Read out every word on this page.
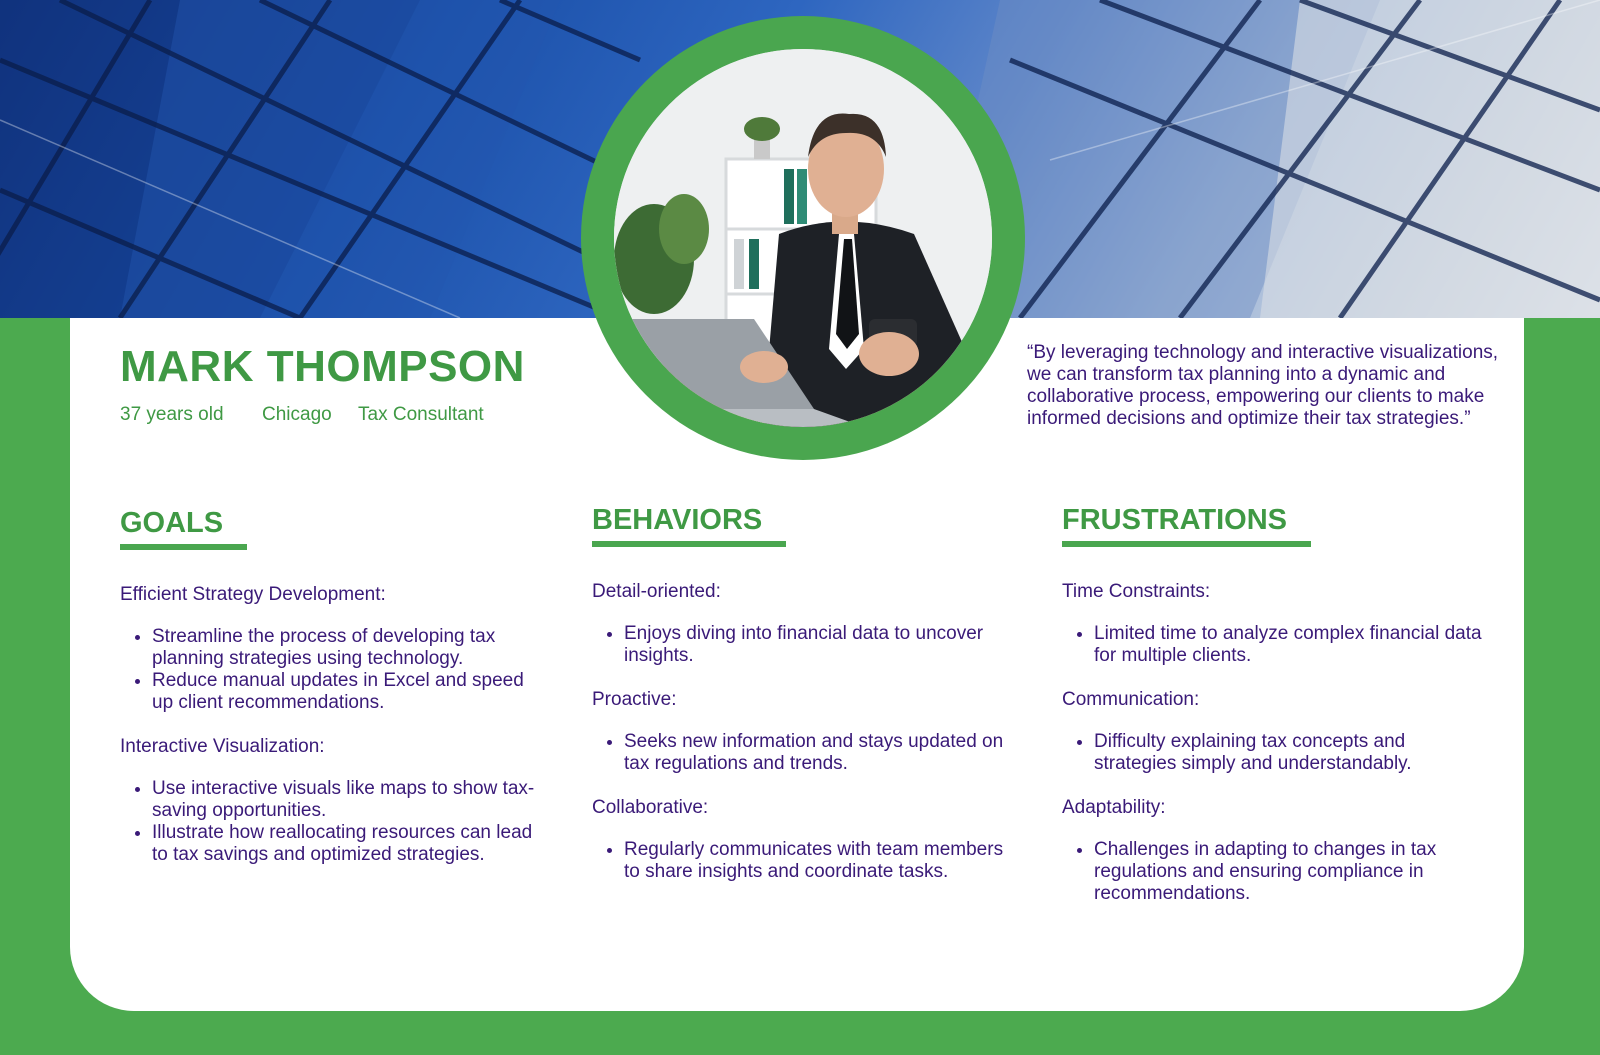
MARK THOMPSON
37 years old Chicago Tax Consultant

“By leveraging technology and interactive visualizations, we can transform tax planning into a dynamic and collaborative process, empowering our clients to make informed decisions and optimize their tax strategies.”

GOALS
Efficient Strategy Development:
• Streamline the process of developing tax planning strategies using technology.
• Reduce manual updates in Excel and speed up client recommendations.
Interactive Visualization:
• Use interactive visuals like maps to show tax-saving opportunities.
• Illustrate how reallocating resources can lead to tax savings and optimized strategies.
BEHAVIORS
Detail-oriented:
• Enjoys diving into financial data to uncover insights.
Proactive:
• Seeks new information and stays updated on tax regulations and trends.
Collaborative:
• Regularly communicates with team members to share insights and coordinate tasks.
FRUSTRATIONS
Time Constraints:
• Limited time to analyze complex financial data for multiple clients.
Communication:
• Difficulty explaining tax concepts and strategies simply and understandably.
Adaptability:
• Challenges in adapting to changes in tax regulations and ensuring compliance in recommendations.
